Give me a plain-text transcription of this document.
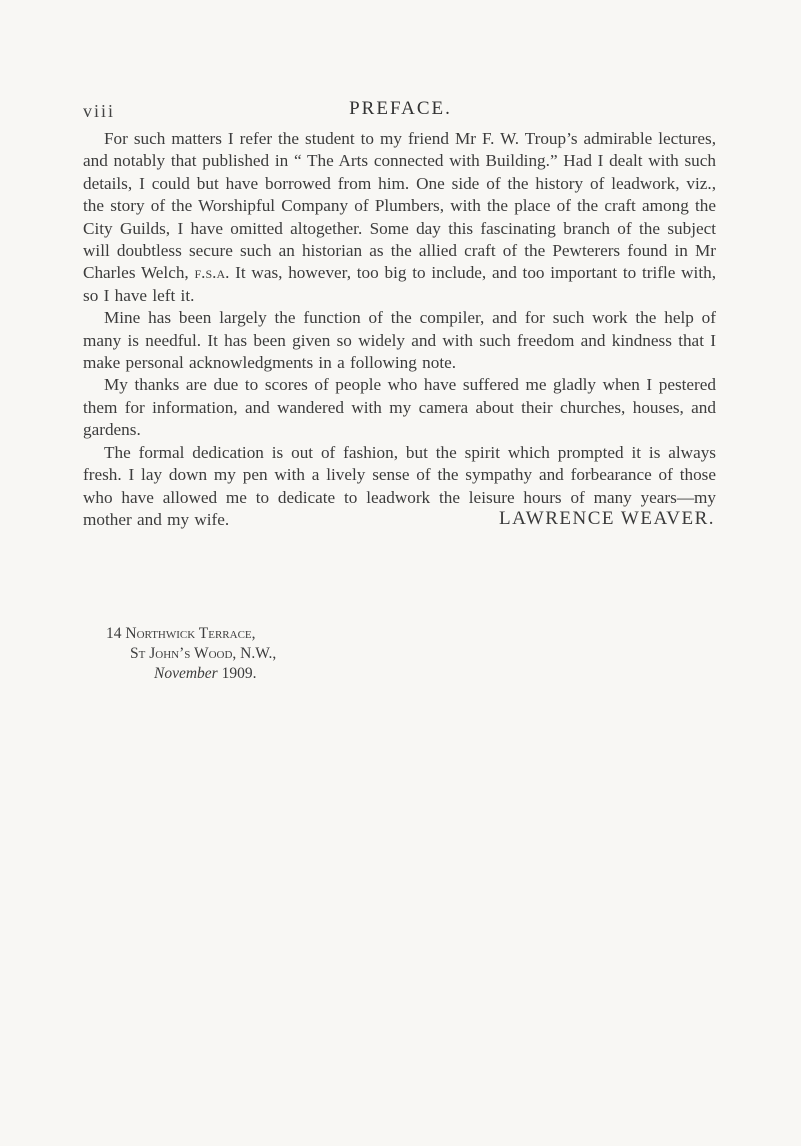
viii	PREFACE.

For such matters I refer the student to my friend Mr F. W. Troup’s admirable lectures, and notably that published in “ The Arts connected with Building.” Had I dealt with such details, I could but have borrowed from him. One side of the history of leadwork, viz., the story of the Worshipful Company of Plumbers, with the place of the craft among the City Guilds, I have omitted altogether. Some day this fascinating branch of the subject will doubtless secure such an historian as the allied craft of the Pewterers found in Mr Charles Welch, f.s.a. It was, however, too big to include, and too important to trifle with, so I have left it.

Mine has been largely the function of the compiler, and for such work the help of many is needful. It has been given so widely and with such freedom and kindness that I make personal acknowledgments in a following note.

My thanks are due to scores of people who have suffered me gladly when I pestered them for information, and wandered with my camera about their churches, houses, and gardens.

The formal dedication is out of fashion, but the spirit which prompted it is always fresh. I lay down my pen with a lively sense of the sympathy and forbearance of those who have allowed me to dedicate to leadwork the leisure hours of many years—my mother and my wife.	LAWRENCE WEAVER.
14 Northwick Terrace,
St John’s Wood, N.W.,
November 1909.
